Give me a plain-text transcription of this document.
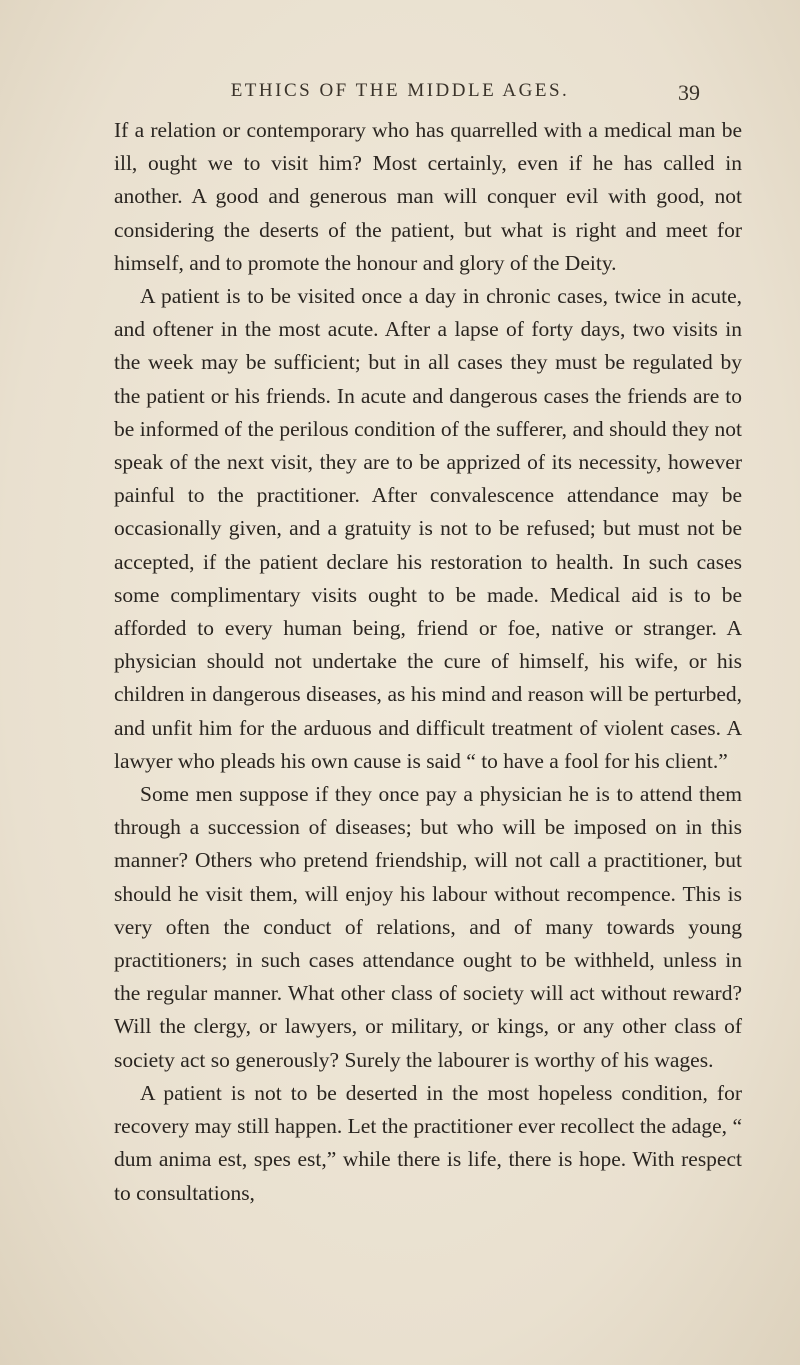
ETHICS OF THE MIDDLE AGES.	39

If a relation or contemporary who has quarrelled with a medical man be ill, ought we to visit him? Most certainly, even if he has called in another. A good and generous man will conquer evil with good, not considering the deserts of the patient, but what is right and meet for himself, and to promote the honour and glory of the Deity.

A patient is to be visited once a day in chronic cases, twice in acute, and oftener in the most acute. After a lapse of forty days, two visits in the week may be sufficient; but in all cases they must be regulated by the patient or his friends. In acute and dangerous cases the friends are to be informed of the perilous condition of the sufferer, and should they not speak of the next visit, they are to be apprized of its necessity, however painful to the practitioner. After convalescence attendance may be occasionally given, and a gratuity is not to be refused; but must not be accepted, if the patient declare his restoration to health. In such cases some complimentary visits ought to be made. Medical aid is to be afforded to every human being, friend or foe, native or stranger. A physician should not undertake the cure of himself, his wife, or his children in dangerous diseases, as his mind and reason will be perturbed, and unfit him for the arduous and difficult treatment of violent cases. A lawyer who pleads his own cause is said “ to have a fool for his client.”

Some men suppose if they once pay a physician he is to attend them through a succession of diseases; but who will be imposed on in this manner? Others who pretend friendship, will not call a practitioner, but should he visit them, will enjoy his labour without recompence. This is very often the conduct of relations, and of many towards young practitioners; in such cases attendance ought to be withheld, unless in the regular manner. What other class of society will act without reward? Will the clergy, or lawyers, or military, or kings, or any other class of society act so generously? Surely the labourer is worthy of his wages.

A patient is not to be deserted in the most hopeless condition, for recovery may still happen. Let the practitioner ever recollect the adage, “ dum anima est, spes est,” while there is life, there is hope. With respect to consultations,
